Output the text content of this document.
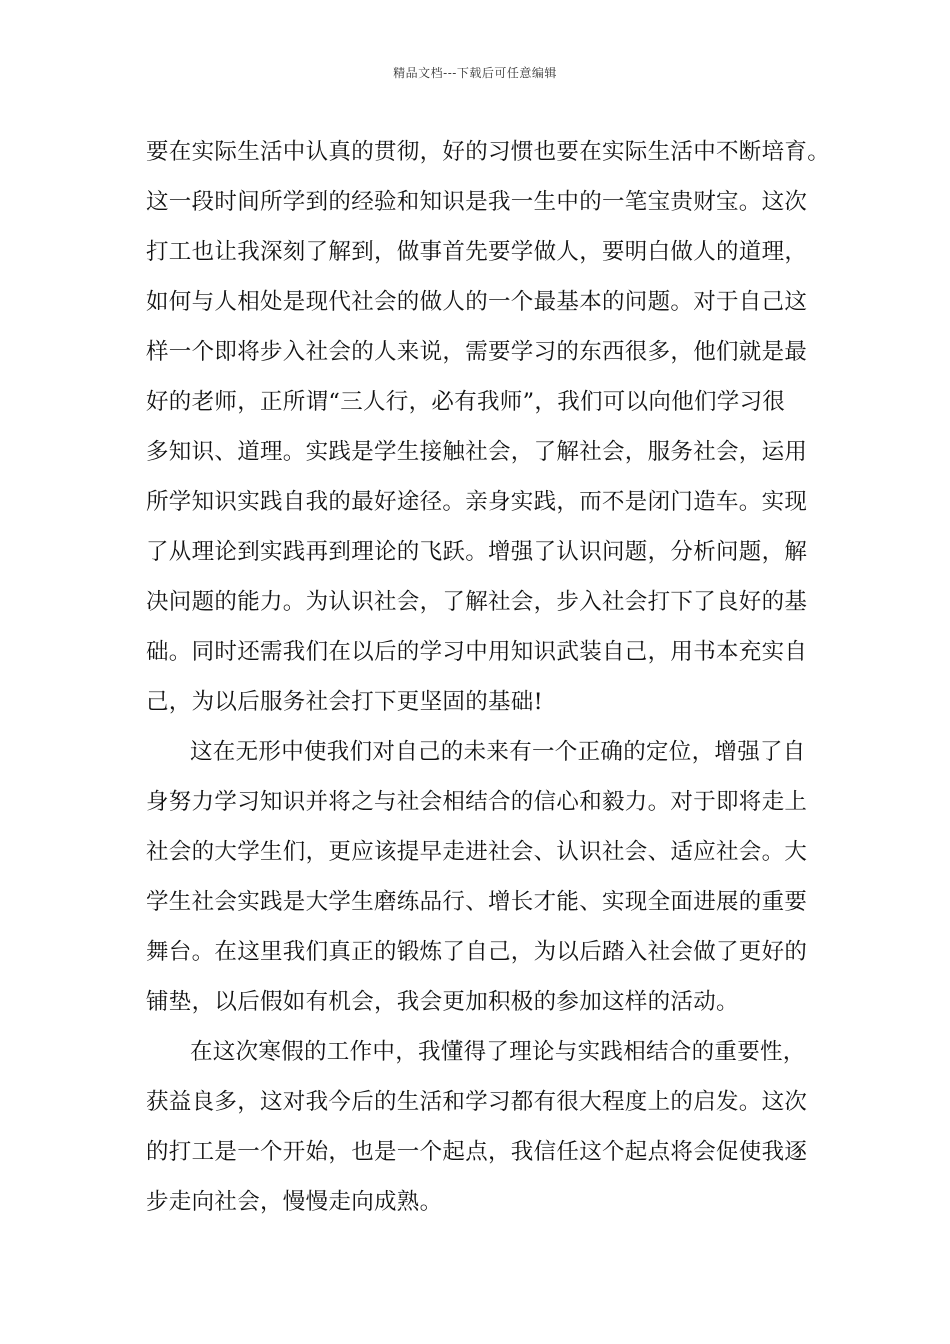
精品文档---下载后可任意编辑
要在实际生活中认真的贯彻，好的习惯也要在实际生活中不断培育。
这一段时间所学到的经验和知识是我一生中的一笔宝贵财宝。这次
打工也让我深刻了解到，做事首先要学做人，要明白做人的道理，
如何与人相处是现代社会的做人的一个最基本的问题。对于自己这
样一个即将步入社会的人来说，需要学习的东西很多，他们就是最
好的老师，正所谓“三人行，必有我师”，我们可以向他们学习很
多知识、道理。实践是学生接触社会，了解社会，服务社会，运用
所学知识实践自我的最好途径。亲身实践，而不是闭门造车。实现
了从理论到实践再到理论的飞跃。增强了认识问题，分析问题，解
决问题的能力。为认识社会，了解社会，步入社会打下了良好的基
础。同时还需我们在以后的学习中用知识武装自己，用书本充实自
己，为以后服务社会打下更坚固的基础!
这在无形中使我们对自己的未来有一个正确的定位，增强了自
身努力学习知识并将之与社会相结合的信心和毅力。对于即将走上
社会的大学生们，更应该提早走进社会、认识社会、适应社会。大
学生社会实践是大学生磨练品行、增长才能、实现全面进展的重要
舞台。在这里我们真正的锻炼了自己，为以后踏入社会做了更好的
铺垫，以后假如有机会，我会更加积极的参加这样的活动。
在这次寒假的工作中，我懂得了理论与实践相结合的重要性，
获益良多，这对我今后的生活和学习都有很大程度上的启发。这次
的打工是一个开始，也是一个起点，我信任这个起点将会促使我逐
步走向社会，慢慢走向成熟。
